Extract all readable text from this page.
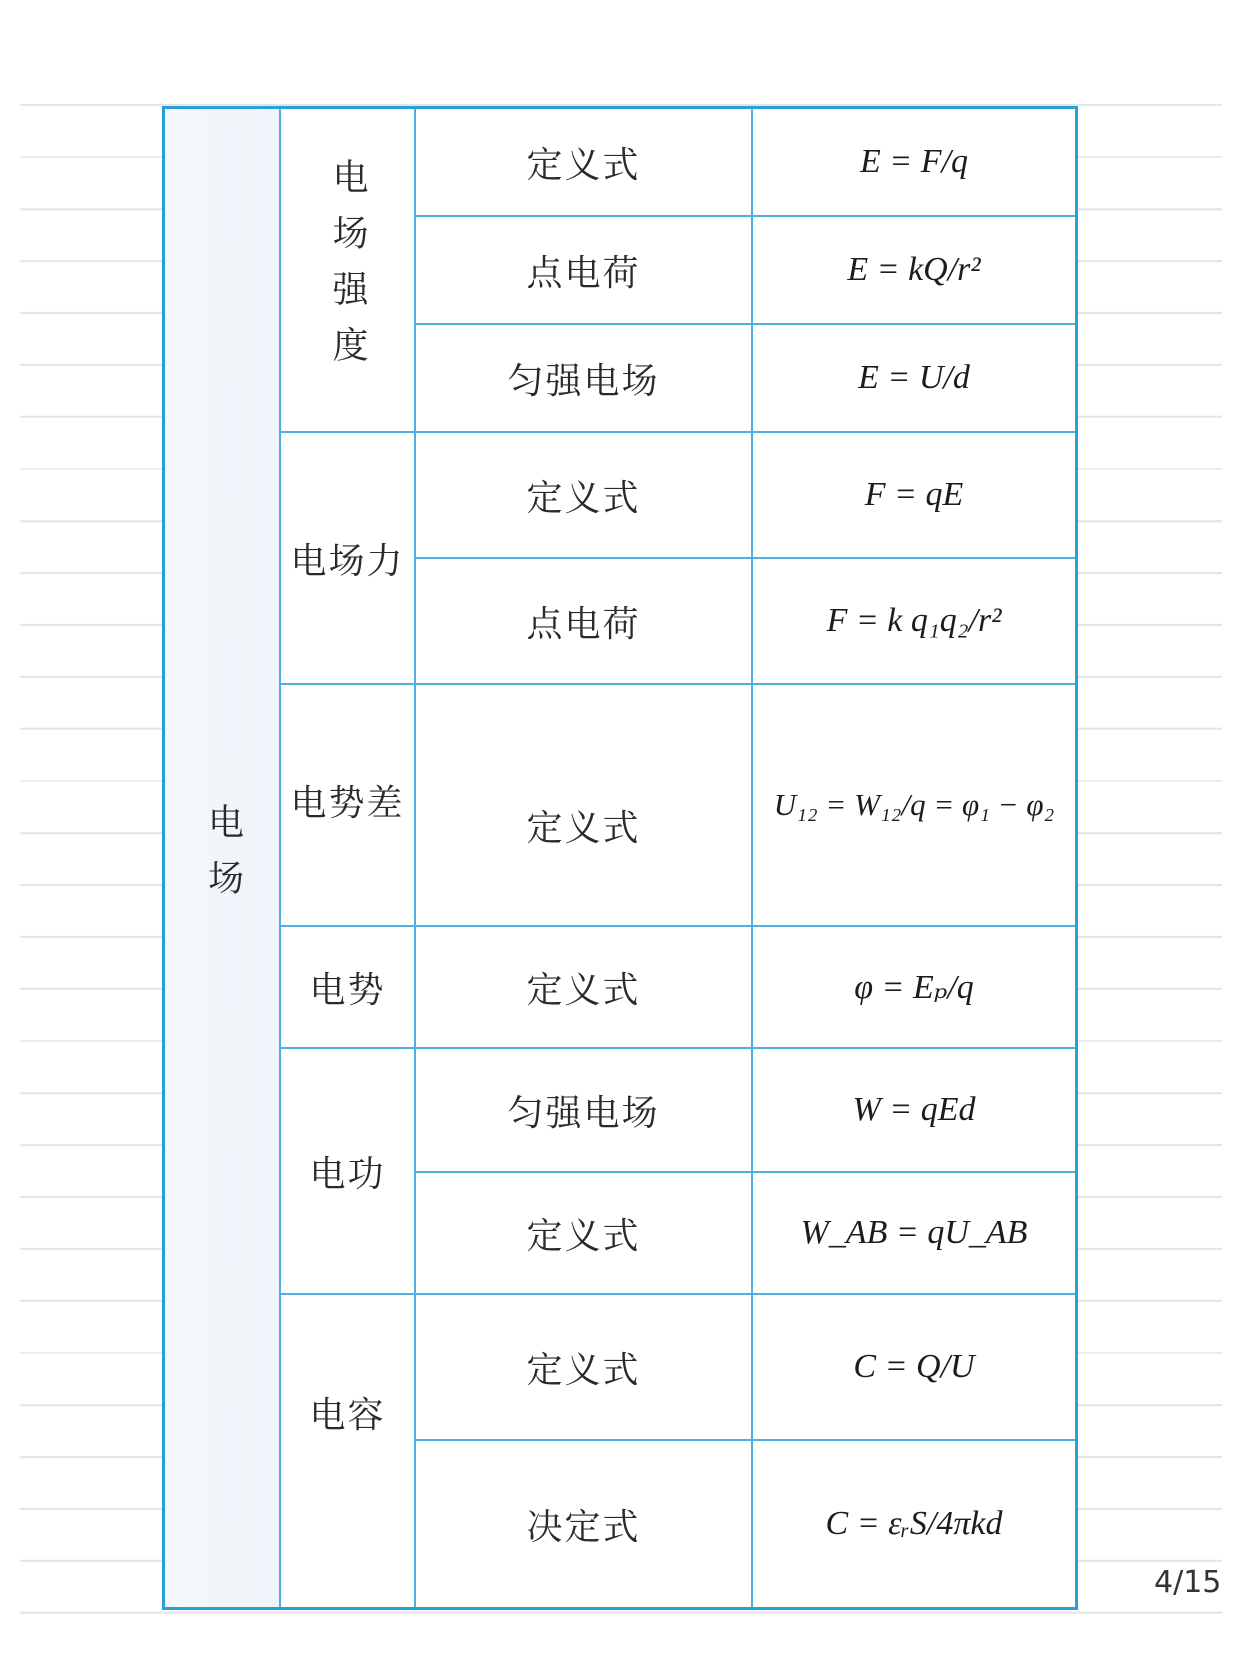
电场
电场强度
电场力
电势差
电势
电功
电容
定义式
点电荷
匀强电场
定义式
点电荷
定义式
定义式
匀强电场
定义式
定义式
决定式
E = F/q
E = kQ/r²
E = U/d
F = qE
F = k q₁q₂/r²
U₁₂ = W₁₂/q = φ₁ − φ₂
φ = Eₚ/q
W = qEd
W_AB = qU_AB
C = Q/U
C = εᵣS/4πkd
4/15
